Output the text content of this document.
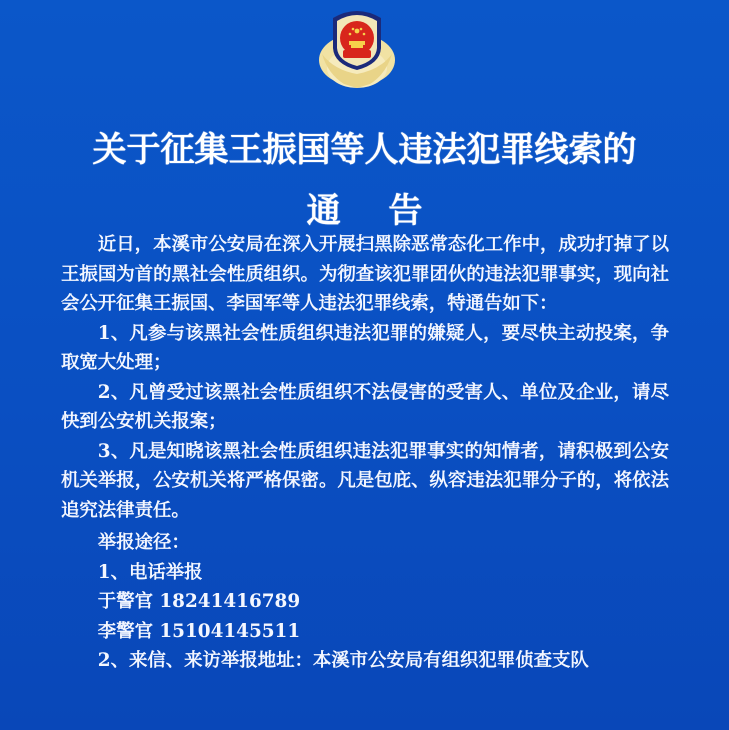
关于征集王振国等人违法犯罪线索的
通 告

近日，本溪市公安局在深入开展扫黑除恶常态化工作中，成功打掉了以王振国为首的黑社会性质组织。为彻查该犯罪团伙的违法犯罪事实，现向社会公开征集王振国、李国军等人违法犯罪线索，特通告如下：

1、凡参与该黑社会性质组织违法犯罪的嫌疑人，要尽快主动投案，争取宽大处理；

2、凡曾受过该黑社会性质组织不法侵害的受害人、单位及企业，请尽快到公安机关报案；

3、凡是知晓该黑社会性质组织违法犯罪事实的知情者，请积极到公安机关举报，公安机关将严格保密。凡是包庇、纵容违法犯罪分子的，将依法追究法律责任。

举报途径：

1、电话举报

于警官 18241416789

李警官 15104145511

2、来信、来访举报地址：本溪市公安局有组织犯罪侦查支队
